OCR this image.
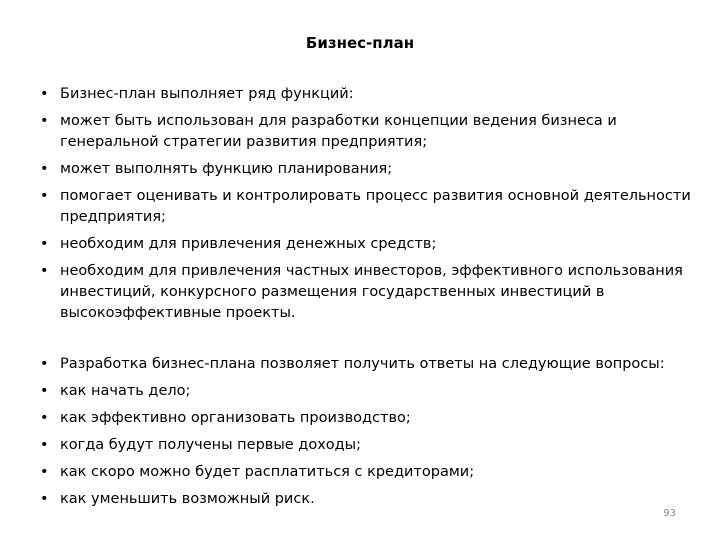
Бизнес-план
• Бизнес-план выполняет ряд функций:
• может быть использован для разработки концепции ведения бизнеса и генеральной стратегии развития предприятия;
• может выполнять функцию планирования;
• помогает оценивать и контролировать процесс развития основной деятельности предприятия;
• необходим для привлечения денежных средств;
• необходим для привлечения частных инвесторов, эффективного использования инвестиций, конкурсного размещения государственных инвестиций в высокоэффективные проекты.
• Разработка бизнес-плана позволяет получить ответы на следующие вопросы:
• как начать дело;
• как эффективно организовать производство;
• когда будут получены первые доходы;
• как скоро можно будет расплатиться с кредиторами;
• как уменьшить возможный риск.
93
